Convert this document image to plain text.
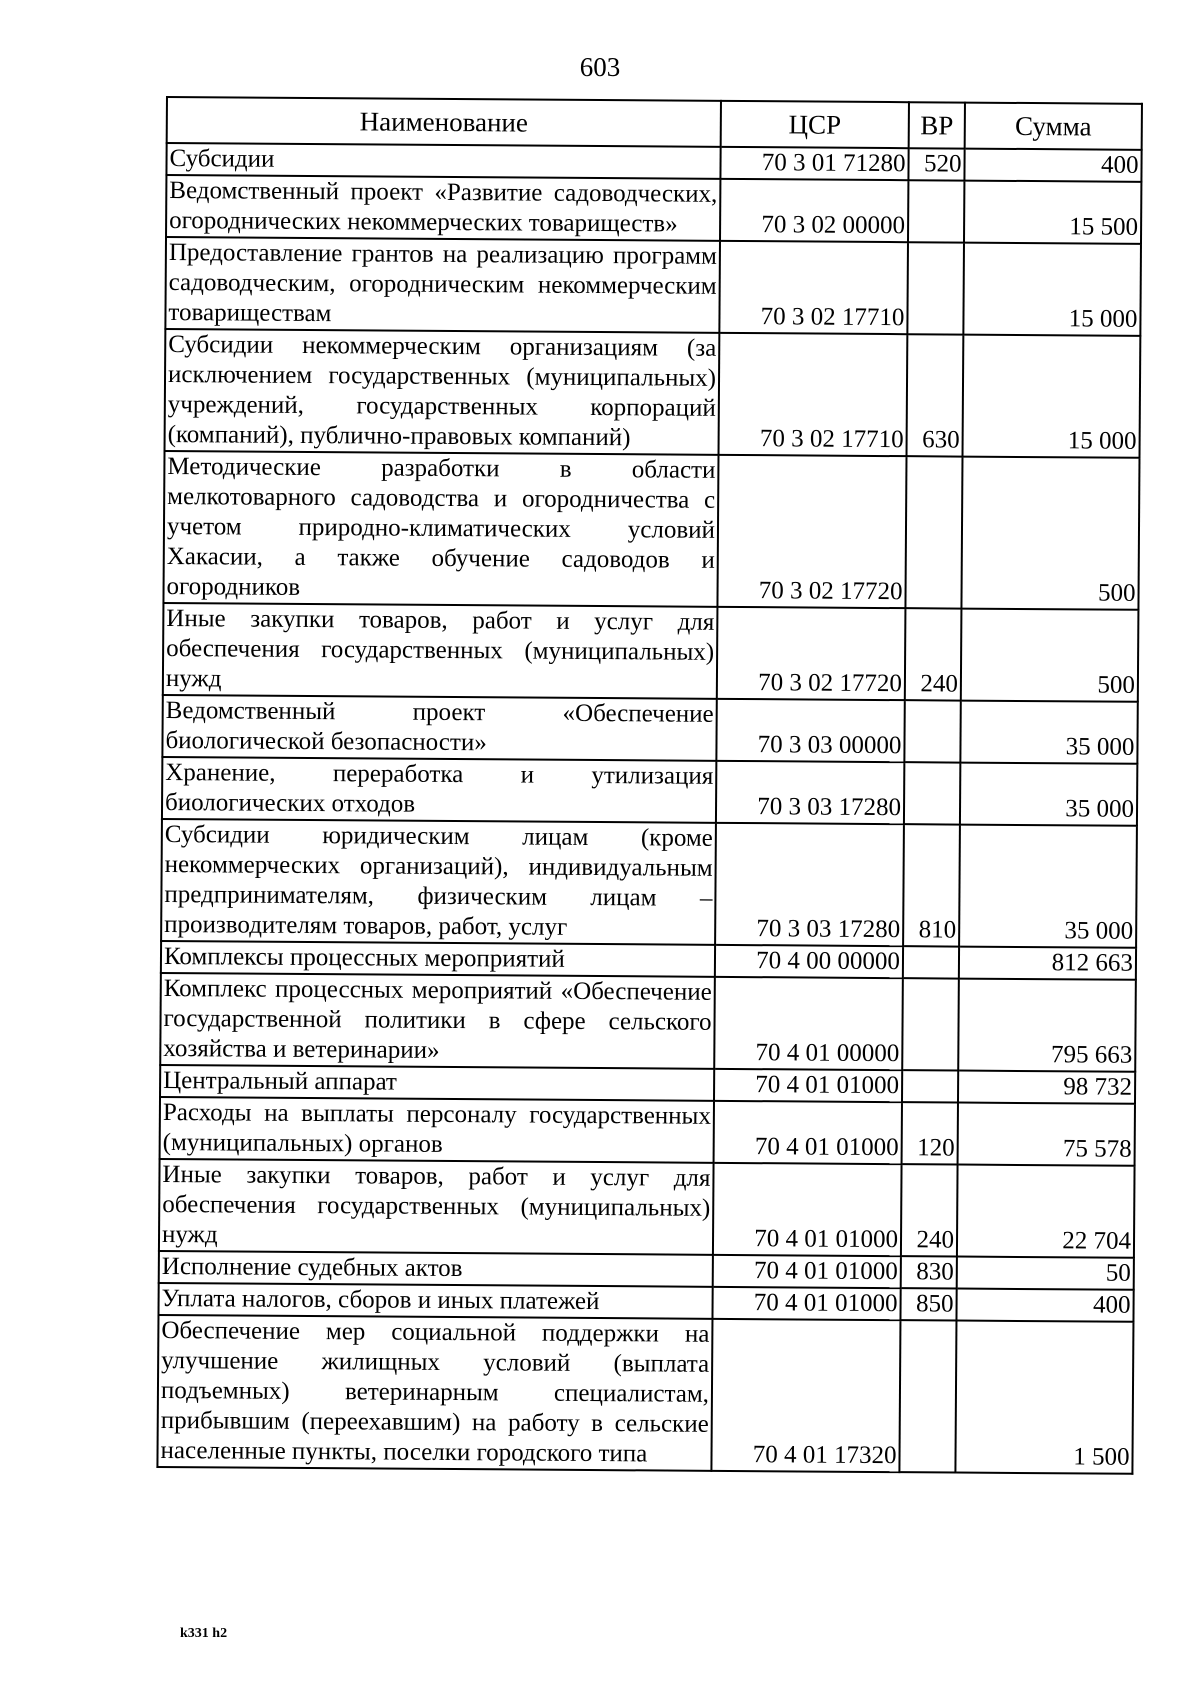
603
Наименование	ЦСР	ВР	Сумма
Субсидии	70 3 01 71280	520	400
Ведомственный проект «Развитие садоводческих, огороднических некоммерческих товариществ»	70 3 02 00000		15 500
Предоставление грантов на реализацию программ садоводческим, огородническим некоммерческим товариществам	70 3 02 17710		15 000
Субсидии некоммерческим организациям (за исключением государственных (муниципальных) учреждений, государственных корпораций (компаний), публично-правовых компаний)	70 3 02 17710	630	15 000
Методические разработки в области мелкотоварного садоводства и огородничества с учетом природно-климатических условий Хакасии, а также обучение садоводов и огородников	70 3 02 17720		500
Иные закупки товаров, работ и услуг для обеспечения государственных (муниципальных) нужд	70 3 02 17720	240	500
Ведомственный проект «Обеспечение биологической безопасности»	70 3 03 00000		35 000
Хранение, переработка и утилизация биологических отходов	70 3 03 17280		35 000
Субсидии юридическим лицам (кроме некоммерческих организаций), индивидуальным предпринимателям, физическим лицам – производителям товаров, работ, услуг	70 3 03 17280	810	35 000
Комплексы процессных мероприятий	70 4 00 00000		812 663
Комплекс процессных мероприятий «Обеспечение государственной политики в сфере сельского хозяйства и ветеринарии»	70 4 01 00000		795 663
Центральный аппарат	70 4 01 01000		98 732
Расходы на выплаты персоналу государственных (муниципальных) органов	70 4 01 01000	120	75 578
Иные закупки товаров, работ и услуг для обеспечения государственных (муниципальных) нужд	70 4 01 01000	240	22 704
Исполнение судебных актов	70 4 01 01000	830	50
Уплата налогов, сборов и иных платежей	70 4 01 01000	850	400
Обеспечение мер социальной поддержки на улучшение жилищных условий (выплата подъемных) ветеринарным специалистам, прибывшим (переехавшим) на работу в сельские населенные пункты, поселки городского типа	70 4 01 17320		1 500
k331 h2
